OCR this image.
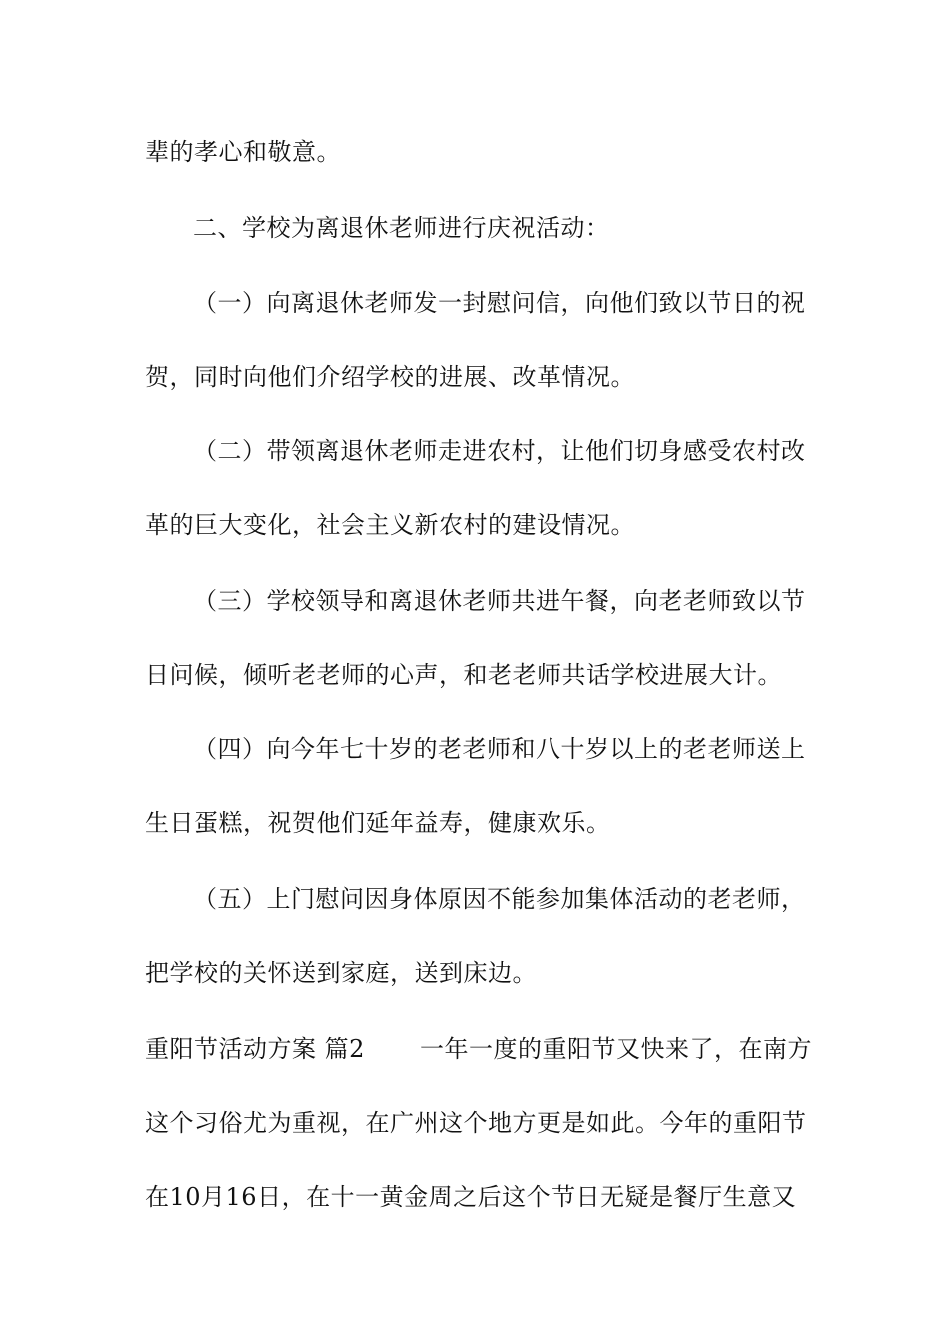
辈的孝心和敬意。
二、学校为离退休老师进行庆祝活动：
（一）向离退休老师发一封慰问信，向他们致以节日的祝
贺，同时向他们介绍学校的进展、改革情况。
（二）带领离退休老师走进农村，让他们切身感受农村改
革的巨大变化，社会主义新农村的建设情况。
（三）学校领导和离退休老师共进午餐，向老老师致以节
日问候，倾听老老师的心声，和老老师共话学校进展大计。
（四）向今年七十岁的老老师和八十岁以上的老老师送上
生日蛋糕，祝贺他们延年益寿，健康欢乐。
（五）上门慰问因身体原因不能参加集体活动的老老师，
把学校的关怀送到家庭，送到床边。
重阳节活动方案 篇2 一年一度的重阳节又快来了，在南方
这个习俗尤为重视，在广州这个地方更是如此。今年的重阳节
在10月16日，在十一黄金周之后这个节日无疑是餐厅生意又
